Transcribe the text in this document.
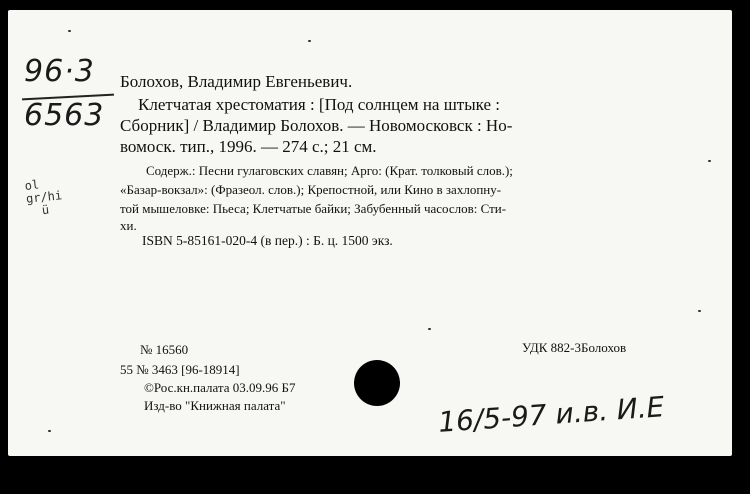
96·3
6563
ol
gr/hi
ü
Болохов, Владимир Евгеньевич.
Клетчатая хрестоматия : [Под солнцем на штыке :
Сборник] / Владимир Болохов. — Новомосковск : Но-
вомоск. тип., 1996. — 274 с.; 21 см.
Содерж.: Песни гулаговских славян; Арго: (Крат. толковый слов.);
«Базар-вокзал»: (Фразеол. слов.); Крепостной, или Кино в захлопну-
той мышеловке: Пьеса; Клетчатые байки; Забубенный часослов: Сти-
хи.
ISBN 5-85161-020-4 (в пер.) : Б. ц. 1500 экз.
№ 16560
55 № 3463 [96-18914]
©Рос.кн.палата 03.09.96 Б7
Изд-во "Книжная палата"
УДК 882-3Болохов
16/5-97 и.в. И.Е
